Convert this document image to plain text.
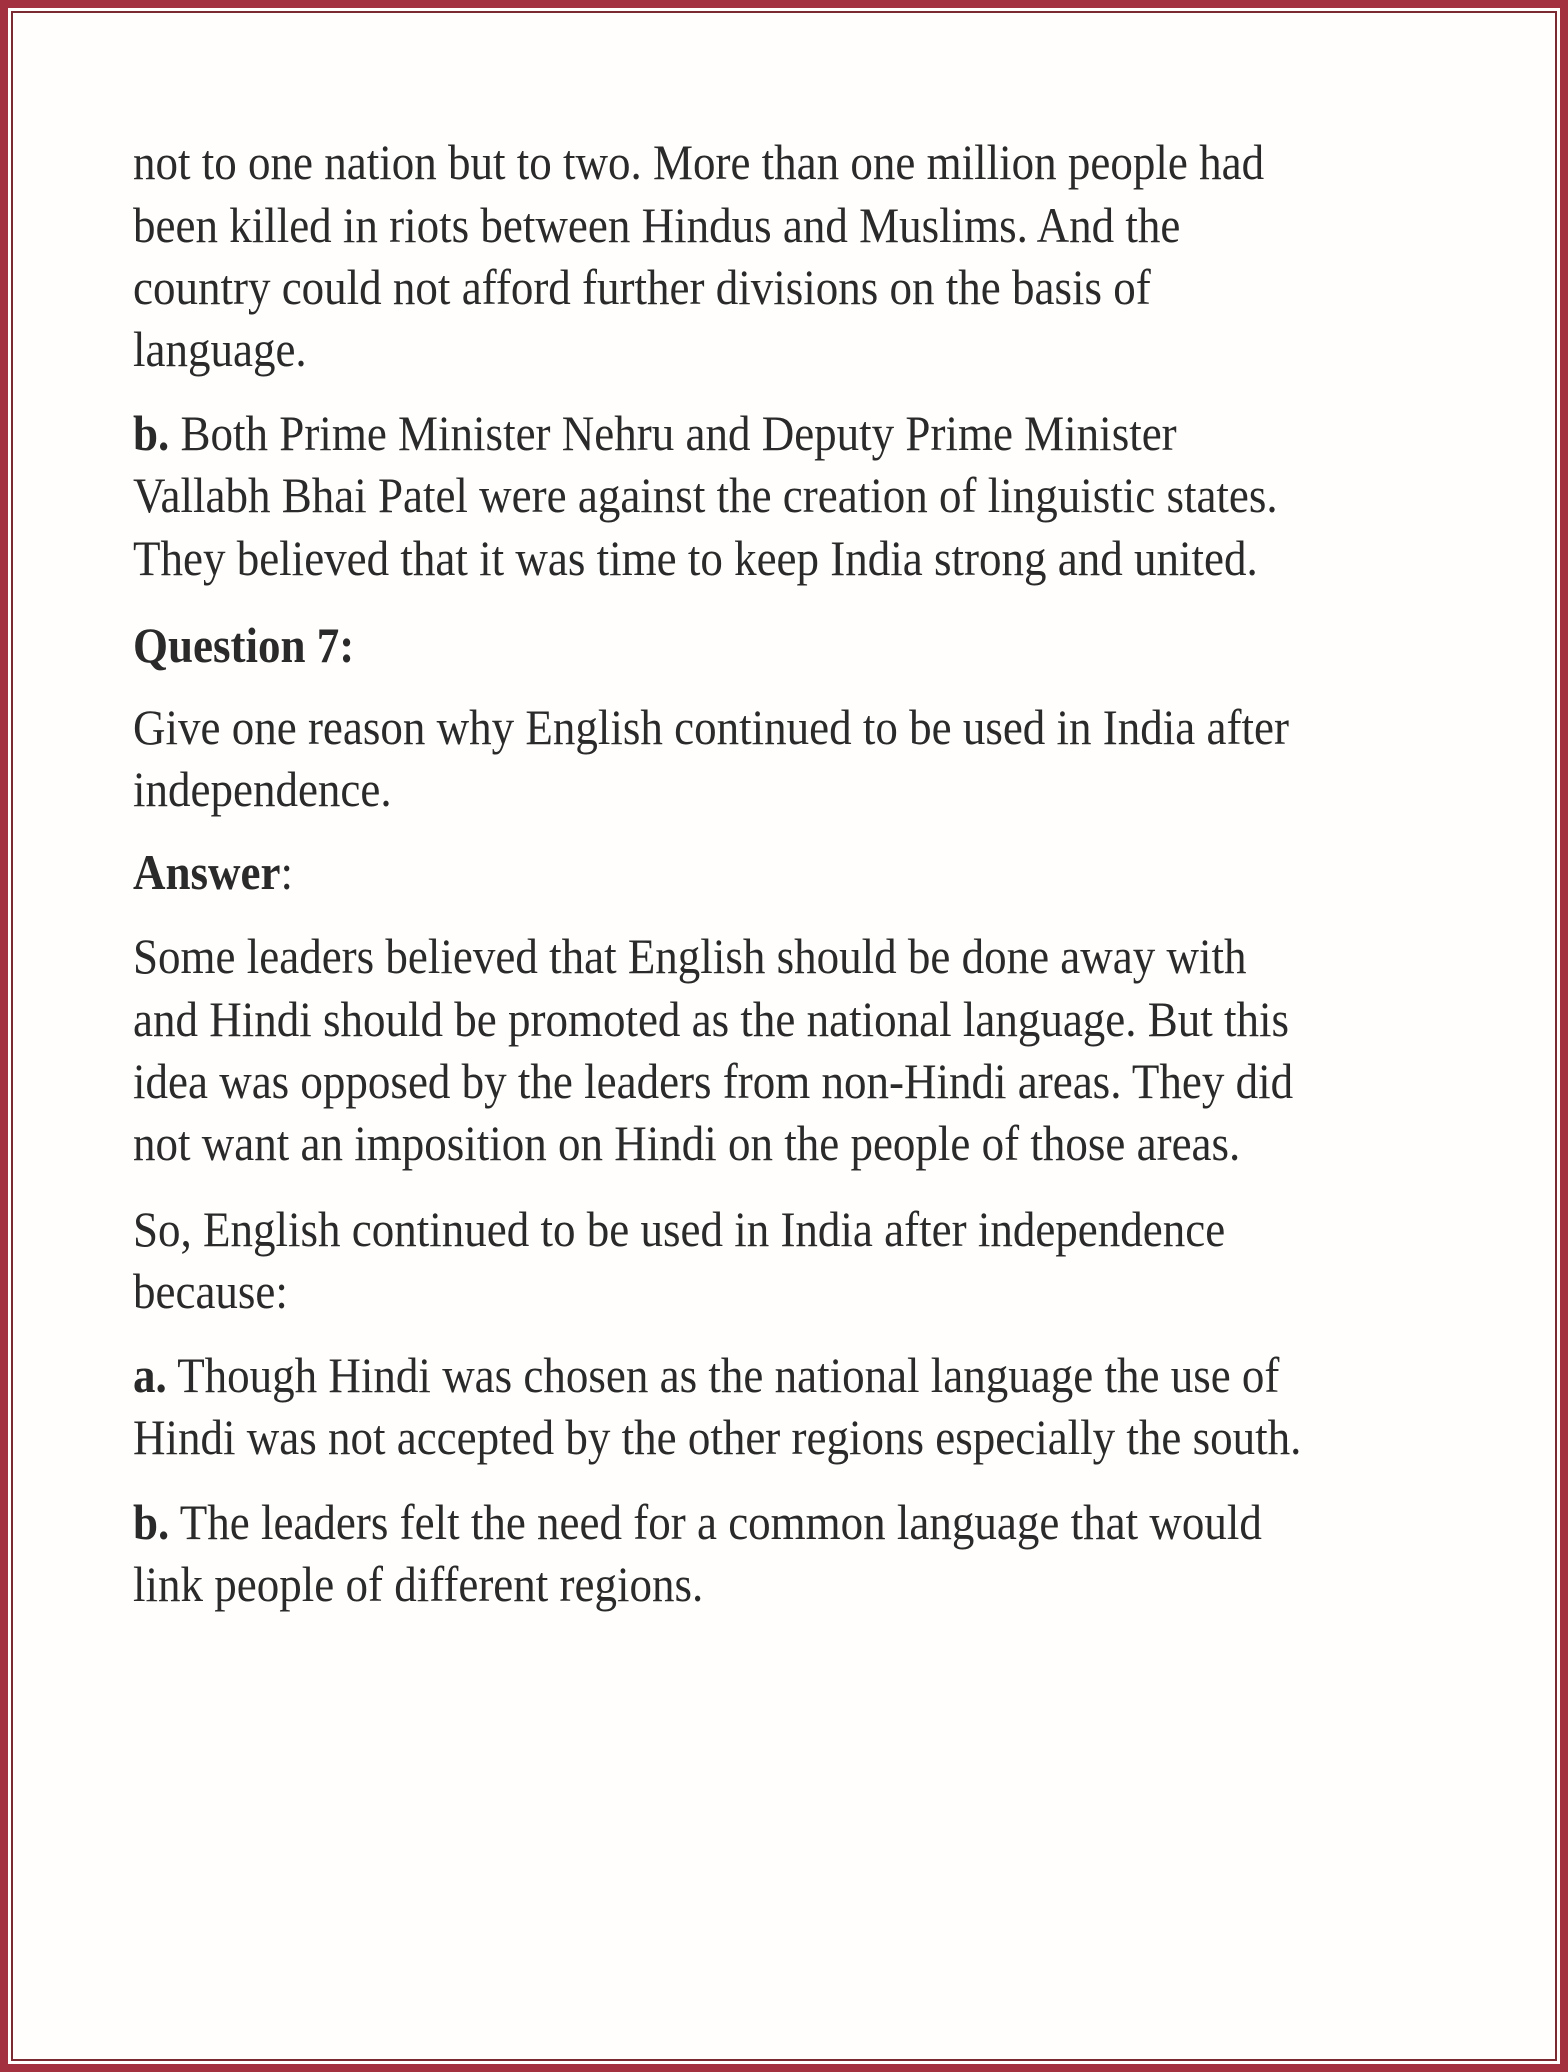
not to one nation but to two. More than one million people had
been killed in riots between Hindus and Muslims. And the
country could not afford further divisions on the basis of
language.
b. Both Prime Minister Nehru and Deputy Prime Minister
Vallabh Bhai Patel were against the creation of linguistic states.
They believed that it was time to keep India strong and united.
Question 7:
Give one reason why English continued to be used in India after
independence.
Answer:
Some leaders believed that English should be done away with
and Hindi should be promoted as the national language. But this
idea was opposed by the leaders from non-Hindi areas. They did
not want an imposition on Hindi on the people of those areas.
So, English continued to be used in India after independence
because:
a. Though Hindi was chosen as the national language the use of
Hindi was not accepted by the other regions especially the south.
b. The leaders felt the need for a common language that would
link people of different regions.
